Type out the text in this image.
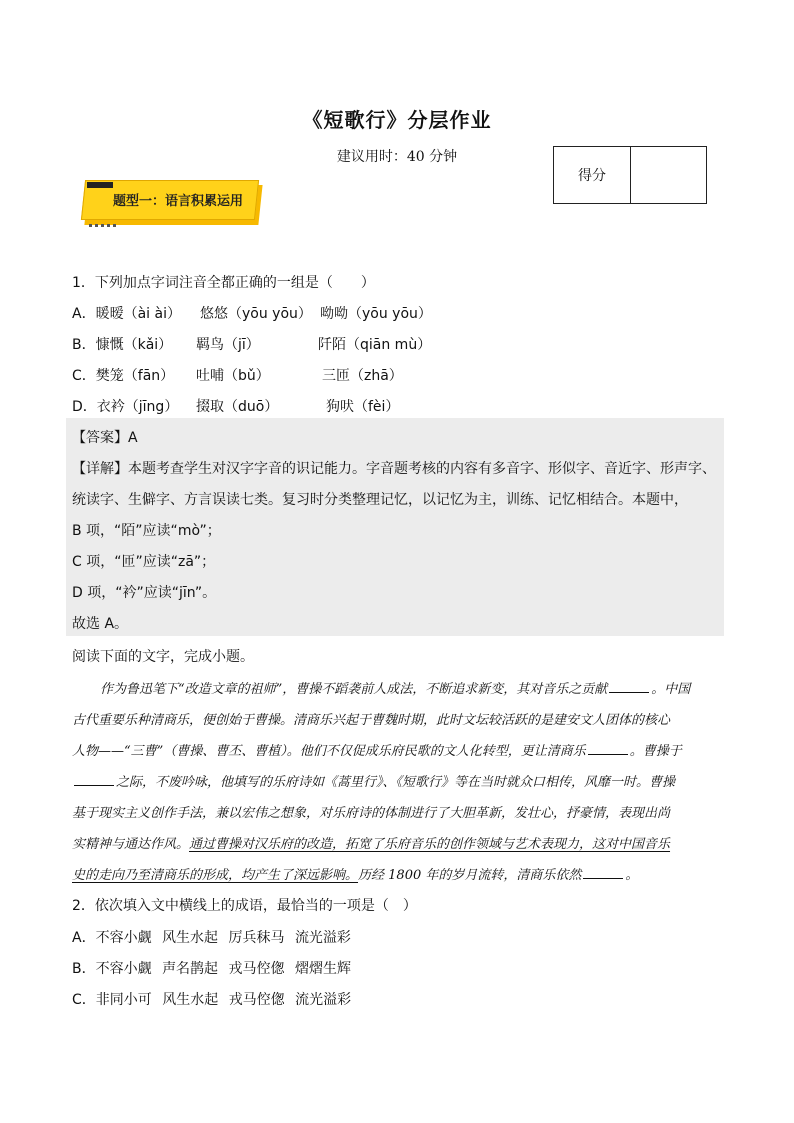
《短歌行》分层作业
建议用时：40 分钟
得分
题型一：语言积累运用
1．下列加点字词注音全都正确的一组是（　　）
A．暖暧（ài ài） 悠悠（yōu yōu） 呦呦（yōu yōu）
B．慷慨（kǎi） 羁鸟（jī）	阡陌（qiān mù）
C．樊笼（fān） 吐哺（bǔ）	三匝（zhā）
D．衣衿（jīng） 掇取（duō）	狗吠（fèi）
【答案】A
【详解】本题考查学生对汉字字音的识记能力。字音题考核的内容有多音字、形似字、音近字、形声字、
统读字、生僻字、方言误读七类。复习时分类整理记忆，以记忆为主，训练、记忆相结合。本题中，
B 项，“陌”应读“mò”；
C 项，“匝”应读“zā”；
D 项，“衿”应读“jīn”。
故选 A。
阅读下面的文字，完成小题。
作为鲁迅笔下“改造文章的祖师”，曹操不蹈袭前人成法，不断追求新变，其对音乐之贡献	。中国
古代重要乐种清商乐，便创始于曹操。清商乐兴起于曹魏时期，此时文坛较活跃的是建安文人团体的核心
人物——“三曹”（曹操、曹丕、曹植）。他们不仅促成乐府民歌的文人化转型，更让清商乐	。曹操于
之际，不废吟咏，他填写的乐府诗如《蒿里行》、《短歌行》等在当时就众口相传，风靡一时。曹操
基于现实主义创作手法，兼以宏伟之想象，对乐府诗的体制进行了大胆革新，发壮心，抒豪情，表现出尚
实精神与通达作风。通过曹操对汉乐府的改造，拓宽了乐府音乐的创作领域与艺术表现力，这对中国音乐
史的走向乃至清商乐的形成，均产生了深远影响。历经 1800 年的岁月流转，清商乐依然	。
2．依次填入文中横线上的成语，最恰当的一项是（　）
A．不容小觑 风生水起 厉兵秣马 流光溢彩
B．不容小觑 声名鹊起 戎马倥偬 熠熠生辉
C．非同小可 风生水起 戎马倥偬 流光溢彩
